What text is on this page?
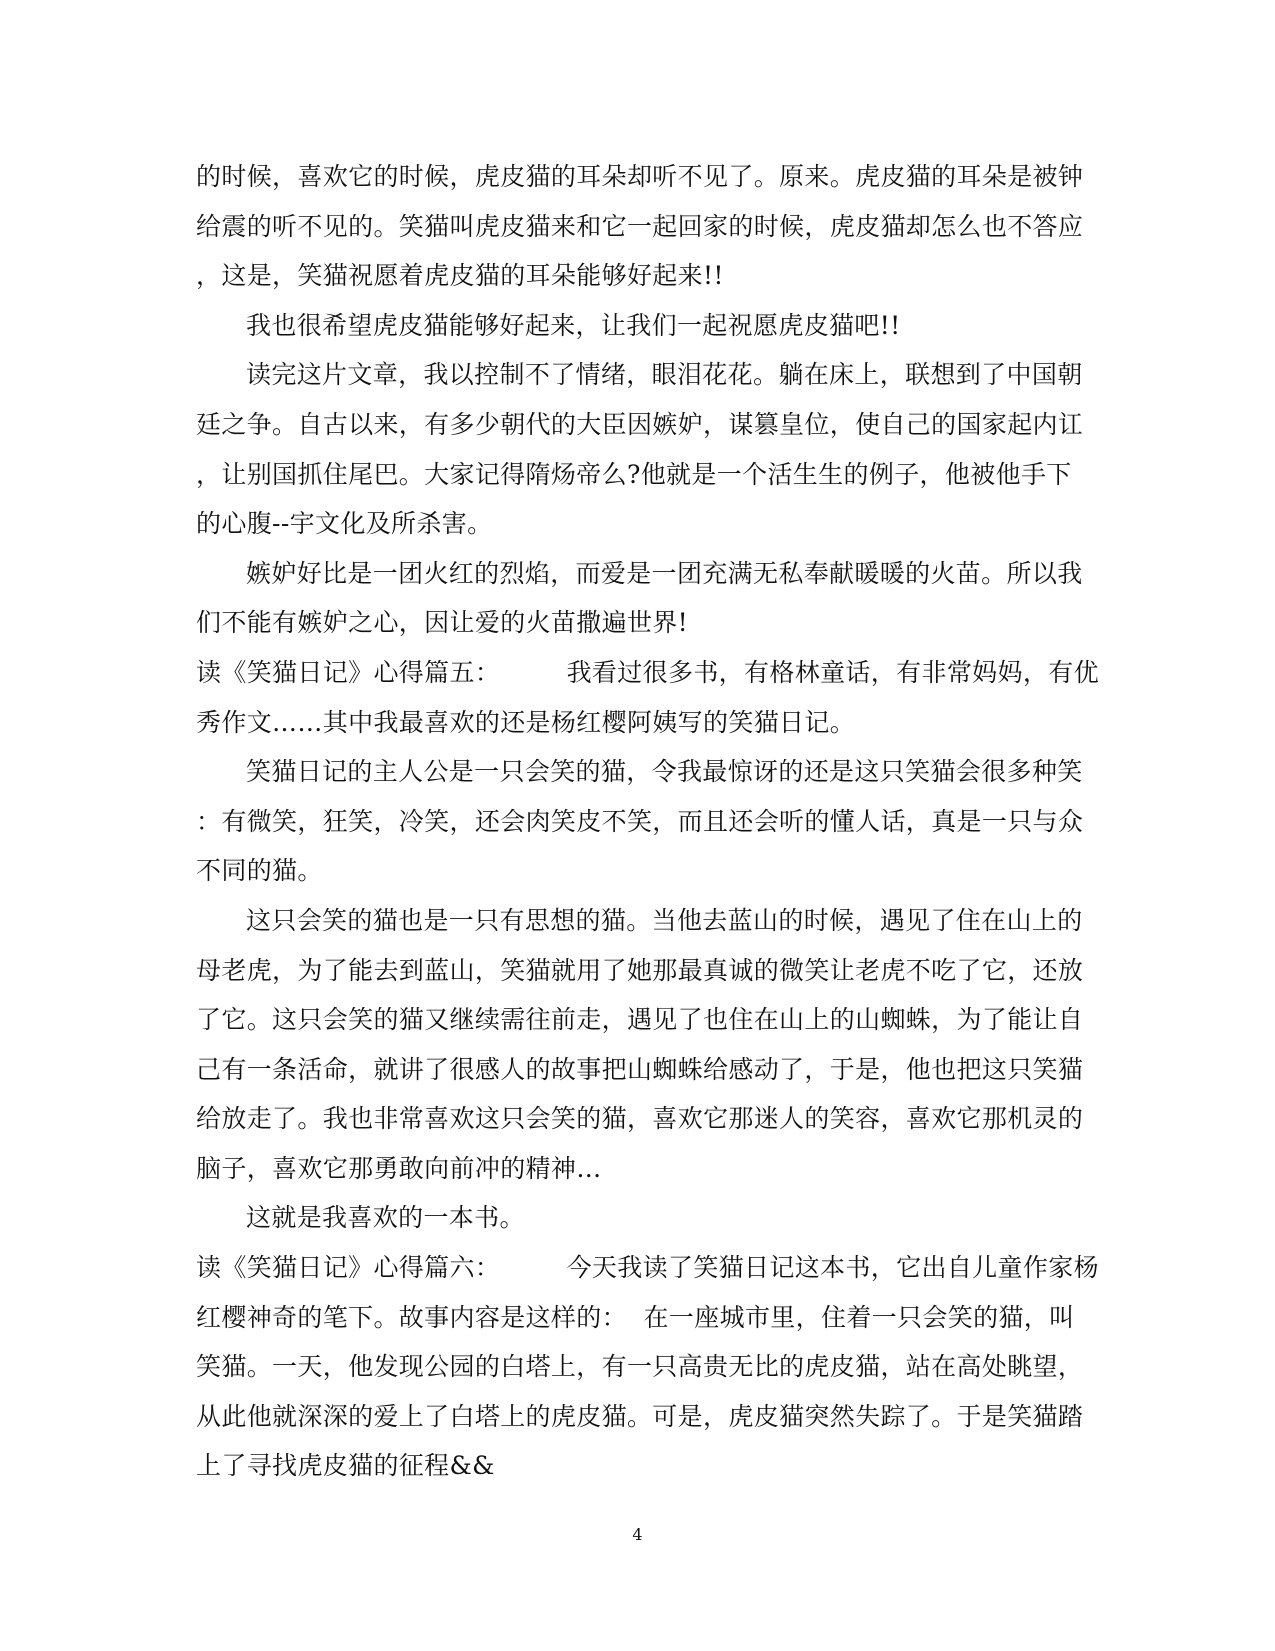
的时候，喜欢它的时候，虎皮猫的耳朵却听不见了。原来。虎皮猫的耳朵是被钟
给震的听不见的。笑猫叫虎皮猫来和它一起回家的时候，虎皮猫却怎么也不答应
，这是，笑猫祝愿着虎皮猫的耳朵能够好起来!!
我也很希望虎皮猫能够好起来，让我们一起祝愿虎皮猫吧!!
读完这片文章，我以控制不了情绪，眼泪花花。躺在床上，联想到了中国朝
廷之争。自古以来，有多少朝代的大臣因嫉妒，谋篡皇位，使自己的国家起内讧
，让别国抓住尾巴。大家记得隋炀帝么?他就是一个活生生的例子，他被他手下
的心腹--宇文化及所杀害。
嫉妒好比是一团火红的烈焰，而爱是一团充满无私奉献暖暖的火苗。所以我
们不能有嫉妒之心，因让爱的火苗撒遍世界!
读《笑猫日记》心得篇五：        我看过很多书，有格林童话，有非常妈妈，有优
秀作文……其中我最喜欢的还是杨红樱阿姨写的笑猫日记。
笑猫日记的主人公是一只会笑的猫，令我最惊讶的还是这只笑猫会很多种笑
：有微笑，狂笑，冷笑，还会肉笑皮不笑，而且还会听的懂人话，真是一只与众
不同的猫。
这只会笑的猫也是一只有思想的猫。当他去蓝山的时候，遇见了住在山上的
母老虎，为了能去到蓝山，笑猫就用了她那最真诚的微笑让老虎不吃了它，还放
了它。这只会笑的猫又继续需往前走，遇见了也住在山上的山蜘蛛，为了能让自
己有一条活命，就讲了很感人的故事把山蜘蛛给感动了，于是，他也把这只笑猫
给放走了。我也非常喜欢这只会笑的猫，喜欢它那迷人的笑容，喜欢它那机灵的
脑子，喜欢它那勇敢向前冲的精神…
这就是我喜欢的一本书。
读《笑猫日记》心得篇六：        今天我读了笑猫日记这本书，它出自儿童作家杨
红樱神奇的笔下。故事内容是这样的：  在一座城市里，住着一只会笑的猫，叫
笑猫。一天，他发现公园的白塔上，有一只高贵无比的虎皮猫，站在高处眺望，
从此他就深深的爱上了白塔上的虎皮猫。可是，虎皮猫突然失踪了。于是笑猫踏
上了寻找虎皮猫的征程&&
4
